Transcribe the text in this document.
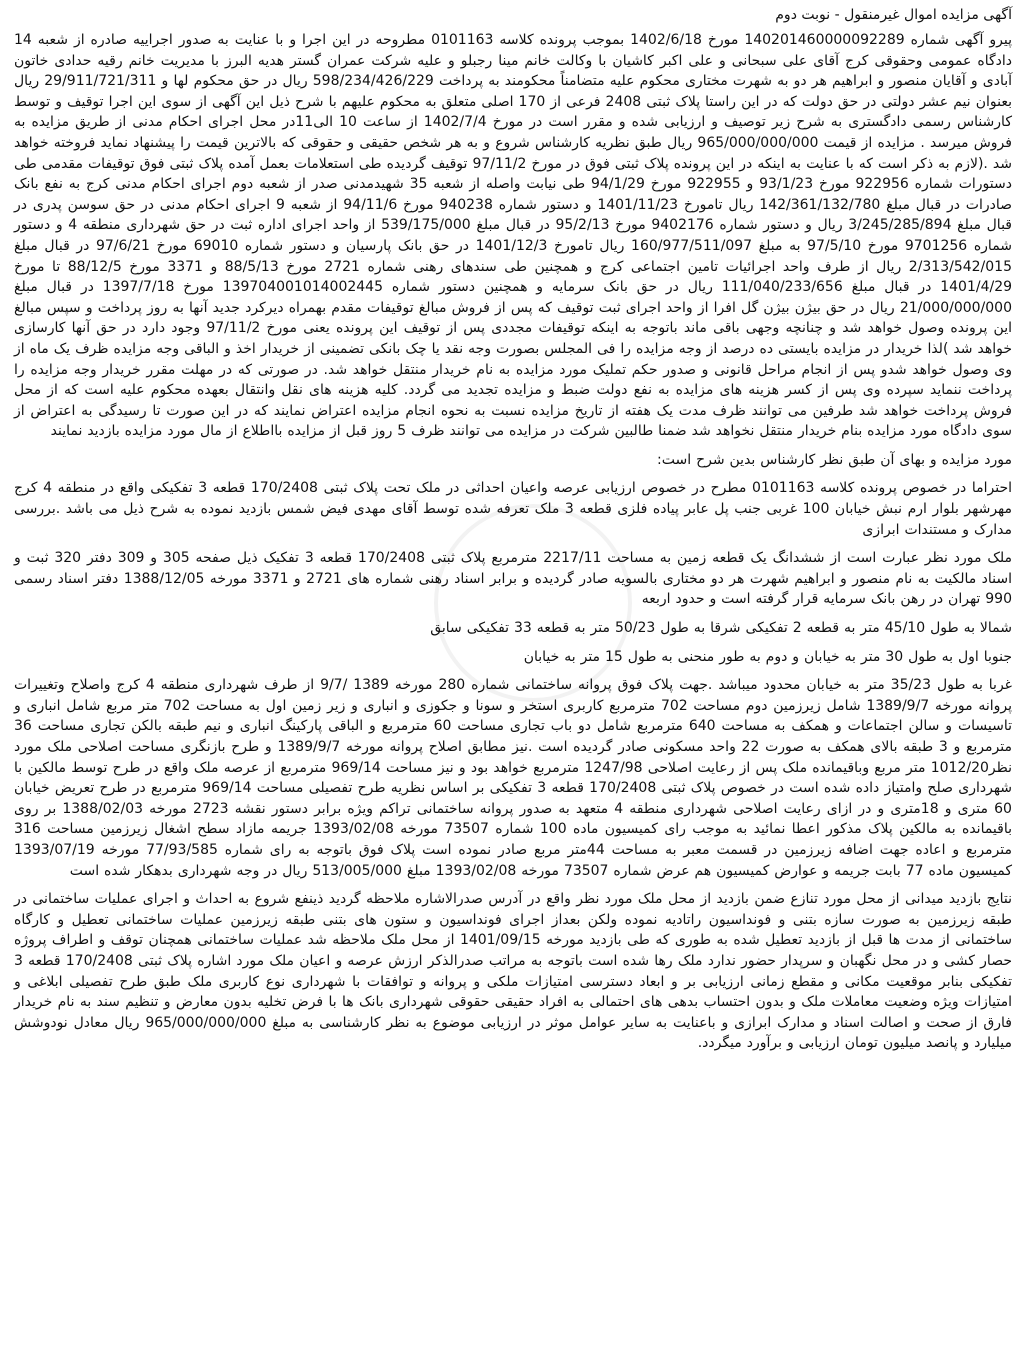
آگهی مزایده اموال غیرمنقول - نوبت دوم

پیرو آگهی شماره 140201460000092289 مورخ 1402/6/18 بموجب پرونده کلاسه 0101163 مطروحه در این اجرا و با عنایت به صدور اجراییه صادره از شعبه 14 دادگاه عمومی وحقوقی کرج آقای علی سبحانی و علی اکبر کاشیان با وکالت خانم مینا رجبلو و علیه شرکت عمران گستر هدیه البرز با مدیریت خانم رقیه حدادی خاتون آبادی و آقایان منصور و ابراهیم هر دو به شهرت مختاری محکوم علیه متضامناً محکومند به پرداخت 598/234/426/229 ریال در حق محکوم لها و 29/911/721/311 ریال بعنوان نیم عشر دولتی در حق دولت که در این راستا پلاک ثبتی 2408 فرعی از 170 اصلی متعلق به محکوم علیهم با شرح ذیل این آگهی از سوی این اجرا توقیف و توسط کارشناس رسمی دادگستری به شرح زیر توصیف و ارزیابی شده و مقرر است در مورخ 1402/7/4 از ساعت 10 الی11در محل اجرای احکام مدنی از طریق مزایده به فروش میرسد . مزایده از قیمت 965/000/000/000 ریال طبق نظریه کارشناس شروع و به هر شخص حقیقی و حقوقی که بالاترین قیمت را پیشنهاد نماید فروخته خواهد شد .(لازم به ذکر است که با عنایت به اینکه در این پرونده پلاک ثبتی فوق در مورخ 97/11/2 توقیف گردیده طی استعلامات بعمل آمده پلاک ثبتی فوق توقیفات مقدمی طی دستورات شماره 922956 مورخ 93/1/23 و 922955 مورخ 94/1/29 طی نیابت واصله از شعبه 35 شهیدمدنی صدر از شعبه دوم اجرای احکام مدنی کرج به نفع بانک صادرات در قبال مبلغ 142/361/132/780 ریال تامورخ 1401/11/23 و دستور شماره 940238 مورخ 94/11/6 از شعبه 9 اجرای احکام مدنی در حق سوسن پدری در قبال مبلغ 3/245/285/894 ریال و دستور شماره 9402176 مورخ 95/2/13 در قبال مبلغ 539/175/000 از واحد اجرای اداره ثبت در حق شهرداری منطقه 4 و دستور شماره 9701256 مورخ 97/5/10 به مبلغ 160/977/511/097 ریال تامورخ 1401/12/3 در حق بانک پارسیان و دستور شماره 69010 مورخ 97/6/21 در قبال مبلغ 2/313/542/015 ریال از طرف واحد اجرائیات تامین اجتماعی کرج و همچنین طی سندهای رهنی شماره 2721 مورخ 88/5/13 و 3371 مورخ 88/12/5 تا مورخ 1401/4/29 در قبال مبلغ 111/040/233/656 ریال در حق بانک سرمایه و همچنین دستور شماره 139704001014002445 مورخ 1397/7/18 در قبال مبلغ 21/000/000/000 ریال در حق بیژن بیژن گل افرا از واحد اجرای ثبت توقیف که پس از فروش مبالغ توقیفات مقدم بهمراه دیرکرد جدید آنها به روز پرداخت و سپس مبالغ این پرونده وصول خواهد شد و چنانچه وجهی باقی ماند باتوجه به اینکه توقیفات مجددی پس از توقیف این پرونده یعنی مورخ 97/11/2 وجود دارد در حق آنها کارسازی خواهد شد )لذا خریدار در مزایده بایستی ده درصد از وجه مزایده را فی المجلس بصورت وجه نقد یا چک بانکی تضمینی از خریدار اخذ و الباقی وجه مزایده ظرف یک ماه از وی وصول خواهد شدو پس از انجام مراحل قانونی و صدور حکم تملیک مورد مزایده به نام خریدار منتقل خواهد شد. در صورتی که در مهلت مقرر خریدار وجه مزایده را پرداخت ننماید سپرده وی پس از کسر هزینه های مزایده به نفع دولت ضبط و مزایده تجدید می گردد. کلیه هزینه های نقل وانتقال بعهده محکوم علیه است که از محل فروش پرداخت خواهد شد طرفین می توانند ظرف مدت یک هفته از تاریخ مزایده نسبت به نحوه انجام مزایده اعتراض نمایند که در این صورت تا رسیدگی به اعتراض از سوی دادگاه مورد مزایده بنام خریدار منتقل نخواهد شد ضمنا طالبین شرکت در مزایده می توانند ظرف 5 روز قبل از مزایده بااطلاع از مال مورد مزایده بازدید نمایند

مورد مزایده و بهای آن طبق نظر کارشناس بدین شرح است:

احتراما در خصوص پرونده کلاسه 0101163 مطرح در خصوص ارزیابی عرصه واعیان احداثی در ملک تحت پلاک ثبتی 170/2408 قطعه 3 تفکیکی واقع در منطقه 4 کرج مهرشهر بلوار ارم نبش خیابان 100 غربی جنب پل عابر پیاده فلزی قطعه 3 ملک تعرفه شده توسط آقای مهدی فیض شمس بازدید نموده به شرح ذیل می باشد .بررسی مدارک و مستندات ابرازی

ملک مورد نظر عبارت است از ششدانگ یک قطعه زمین به مساحت 2217/11 مترمربع پلاک ثبتی 170/2408 قطعه 3 تفکیک ذیل صفحه 305 و 309 دفتر 320 ثبت و اسناد مالکیت به نام منصور و ابراهیم شهرت هر دو مختاری بالسویه صادر گردیده و برابر اسناد رهنی شماره های 2721 و 3371 مورخه 1388/12/05 دفتر اسناد رسمی 990 تهران در رهن بانک سرمایه قرار گرفته است و حدود اربعه

شمالا به طول 45/10 متر به قطعه 2 تفکیکی شرقا به طول 50/23 متر به قطعه 33 تفکیکی سابق

جنوبا اول به طول 30 متر به خیابان و دوم به طور منحنی به طول 15 متر به خیابان

غربا به طول 35/23 متر به خیابان محدود میباشد .جهت پلاک فوق پروانه ساختمانی شماره 280 مورخه 1389 /9/7 از طرف شهرداری منطقه 4 کرج واصلاح وتغییرات پروانه مورخه 1389/9/7 شامل زیرزمین دوم مساحت 702 مترمربع کاربری استخر و سونا و جکوزی و انباری و زیر زمین اول به مساحت 702 متر مربع شامل انباری و تاسیسات و سالن اجتماعات و همکف به مساحت 640 مترمربع شامل دو باب تجاری مساحت 60 مترمربع و الباقی پارکینگ انباری و نیم طبقه بالکن تجاری مساحت 36 مترمربع و 3 طبقه بالای همکف به صورت 22 واحد مسکونی صادر گردیده است .نیز مطابق اصلاح پروانه مورخه 1389/9/7 و طرح بازنگری مساحت اصلاحی ملک مورد نظر1012/20 متر مربع وباقیمانده ملک پس از رعایت اصلاحی 1247/98 مترمربع خواهد بود و نیز مساحت 969/14 مترمربع از عرصه ملک واقع در طرح توسط مالکین با شهرداری صلح وامتیاز داده شده است در خصوص پلاک ثبتی 170/2408 قطعه 3 تفکیکی بر اساس نظریه طرح تفصیلی مساحت 969/14 مترمربع در طرح تعریض خیابان 60 متری و 18متری و در ازای رعایت اصلاحی شهرداری منطقه 4 متعهد به صدور پروانه ساختمانی تراکم ویژه برابر دستور نقشه 2723 مورخه 1388/02/03 بر روی باقیمانده به مالکین پلاک مذکور اعطا نمائید به موجب رای کمیسیون ماده 100 شماره 73507 مورخه 1393/02/08 جریمه مازاد سطح اشغال زیرزمین مساحت 316 مترمربع و اعاده جهت اضافه زیرزمین در قسمت معبر به مساحت 44متر مربع صادر نموده است پلاک فوق باتوجه به رای شماره 77/93/585 مورخه 1393/07/19 کمیسیون ماده 77 بابت جریمه و عوارض کمیسیون هم عرض شماره 73507 مورخه 1393/02/08 مبلغ 513/005/000 ریال در وجه شهرداری بدهکار شده است

نتایج بازدید میدانی از محل مورد تنازع ضمن بازدید از محل ملک مورد نظر واقع در آدرس صدرالاشاره ملاحظه گردید ذینفع شروع به احداث و اجرای عملیات ساختمانی در طبقه زیرزمین به صورت سازه بتنی و فونداسیون راتادیه نموده ولکن بعداز اجرای فونداسیون و ستون های بتنی طبقه زیرزمین عملیات ساختمانی تعطیل و کارگاه ساختمانی از مدت ها قبل از بازدید تعطیل شده به طوری که طی بازدید مورخه 1401/09/15 از محل ملک ملاحظه شد عملیات ساختمانی همچنان توقف و اطراف پروژه حصار کشی و در محل نگهبان و سرپدار حضور ندارد ملک رها شده است باتوجه به مراتب صدرالذکر ارزش عرصه و اعیان ملک مورد اشاره پلاک ثبتی 170/2408 قطعه 3 تفکیکی بنابر موقعیت مکانی و مقطع زمانی ارزیابی بر و ابعاد دسترسی امتیازات ملکی و پروانه و توافقات با شهرداری نوع کاربری ملک طبق طرح تفصیلی ابلاغی و امتیازات ویژه وضعیت معاملات ملک و بدون احتساب بدهی های احتمالی به افراد حقیقی حقوقی شهرداری بانک ها با فرض تخلیه بدون معارض و تنظیم سند به نام خریدار فارق از صحت و اصالت اسناد و مدارک ابرازی و باعنایت به سایر عوامل موثر در ارزیابی موضوع به نظر کارشناسی به مبلغ 965/000/000/000 ریال معادل نودوشش میلیارد و پانصد میلیون تومان ارزیابی و برآورد میگردد.
